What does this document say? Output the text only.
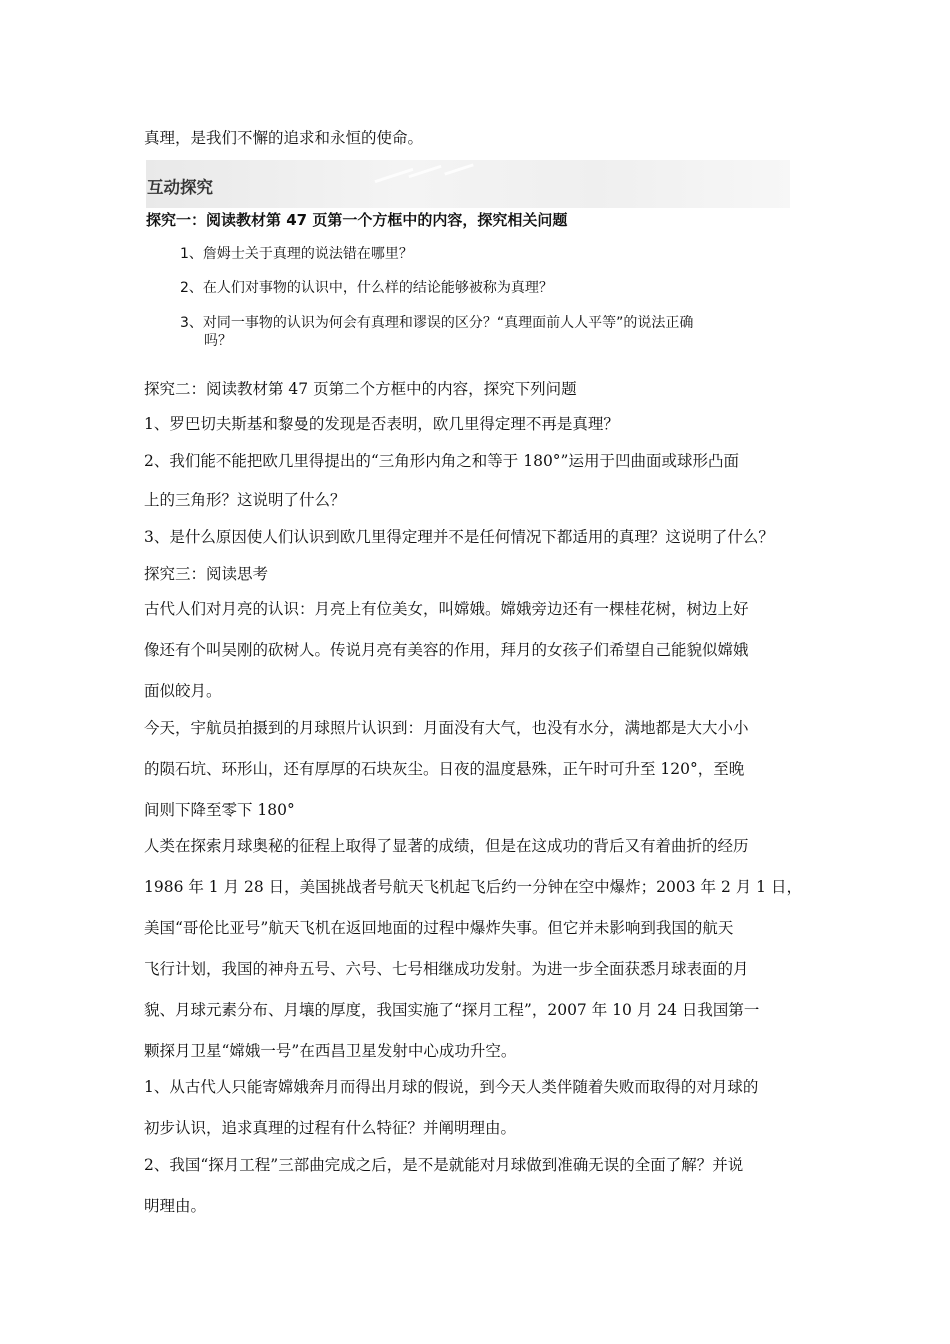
真理，是我们不懈的追求和永恒的使命。
互动探究
探究一：阅读教材第 47 页第一个方框中的内容，探究相关问题
1、詹姆士关于真理的说法错在哪里？
2、在人们对事物的认识中，什么样的结论能够被称为真理？
3、对同一事物的认识为何会有真理和谬误的区分？“真理面前人人平等”的说法正确
吗？
探究二：阅读教材第 47 页第二个方框中的内容，探究下列问题
1、罗巴切夫斯基和黎曼的发现是否表明，欧几里得定理不再是真理？
2、我们能不能把欧几里得提出的“三角形内角之和等于 180°”运用于凹曲面或球形凸面
上的三角形？这说明了什么？
3、是什么原因使人们认识到欧几里得定理并不是任何情况下都适用的真理？这说明了什么？
探究三：阅读思考
古代人们对月亮的认识：月亮上有位美女，叫嫦娥。嫦娥旁边还有一棵桂花树，树边上好
像还有个叫吴刚的砍树人。传说月亮有美容的作用，拜月的女孩子们希望自己能貌似嫦娥
面似皎月。
今天，宇航员拍摄到的月球照片认识到：月面没有大气，也没有水分，满地都是大大小小
的陨石坑、环形山，还有厚厚的石块灰尘。日夜的温度悬殊，正午时可升至 120°，至晚
间则下降至零下 180°
人类在探索月球奥秘的征程上取得了显著的成绩，但是在这成功的背后又有着曲折的经历
1986 年 1 月 28 日，美国挑战者号航天飞机起飞后约一分钟在空中爆炸；2003 年 2 月 1 日，
美国“哥伦比亚号”航天飞机在返回地面的过程中爆炸失事。但它并未影响到我国的航天
飞行计划，我国的神舟五号、六号、七号相继成功发射。为进一步全面获悉月球表面的月
貌、月球元素分布、月壤的厚度，我国实施了“探月工程”，2007 年 10 月 24 日我国第一
颗探月卫星“嫦娥一号”在西昌卫星发射中心成功升空。
1、从古代人只能寄嫦娥奔月而得出月球的假说，到今天人类伴随着失败而取得的对月球的
初步认识，追求真理的过程有什么特征？并阐明理由。
2、我国“探月工程”三部曲完成之后，是不是就能对月球做到准确无误的全面了解？并说
明理由。
